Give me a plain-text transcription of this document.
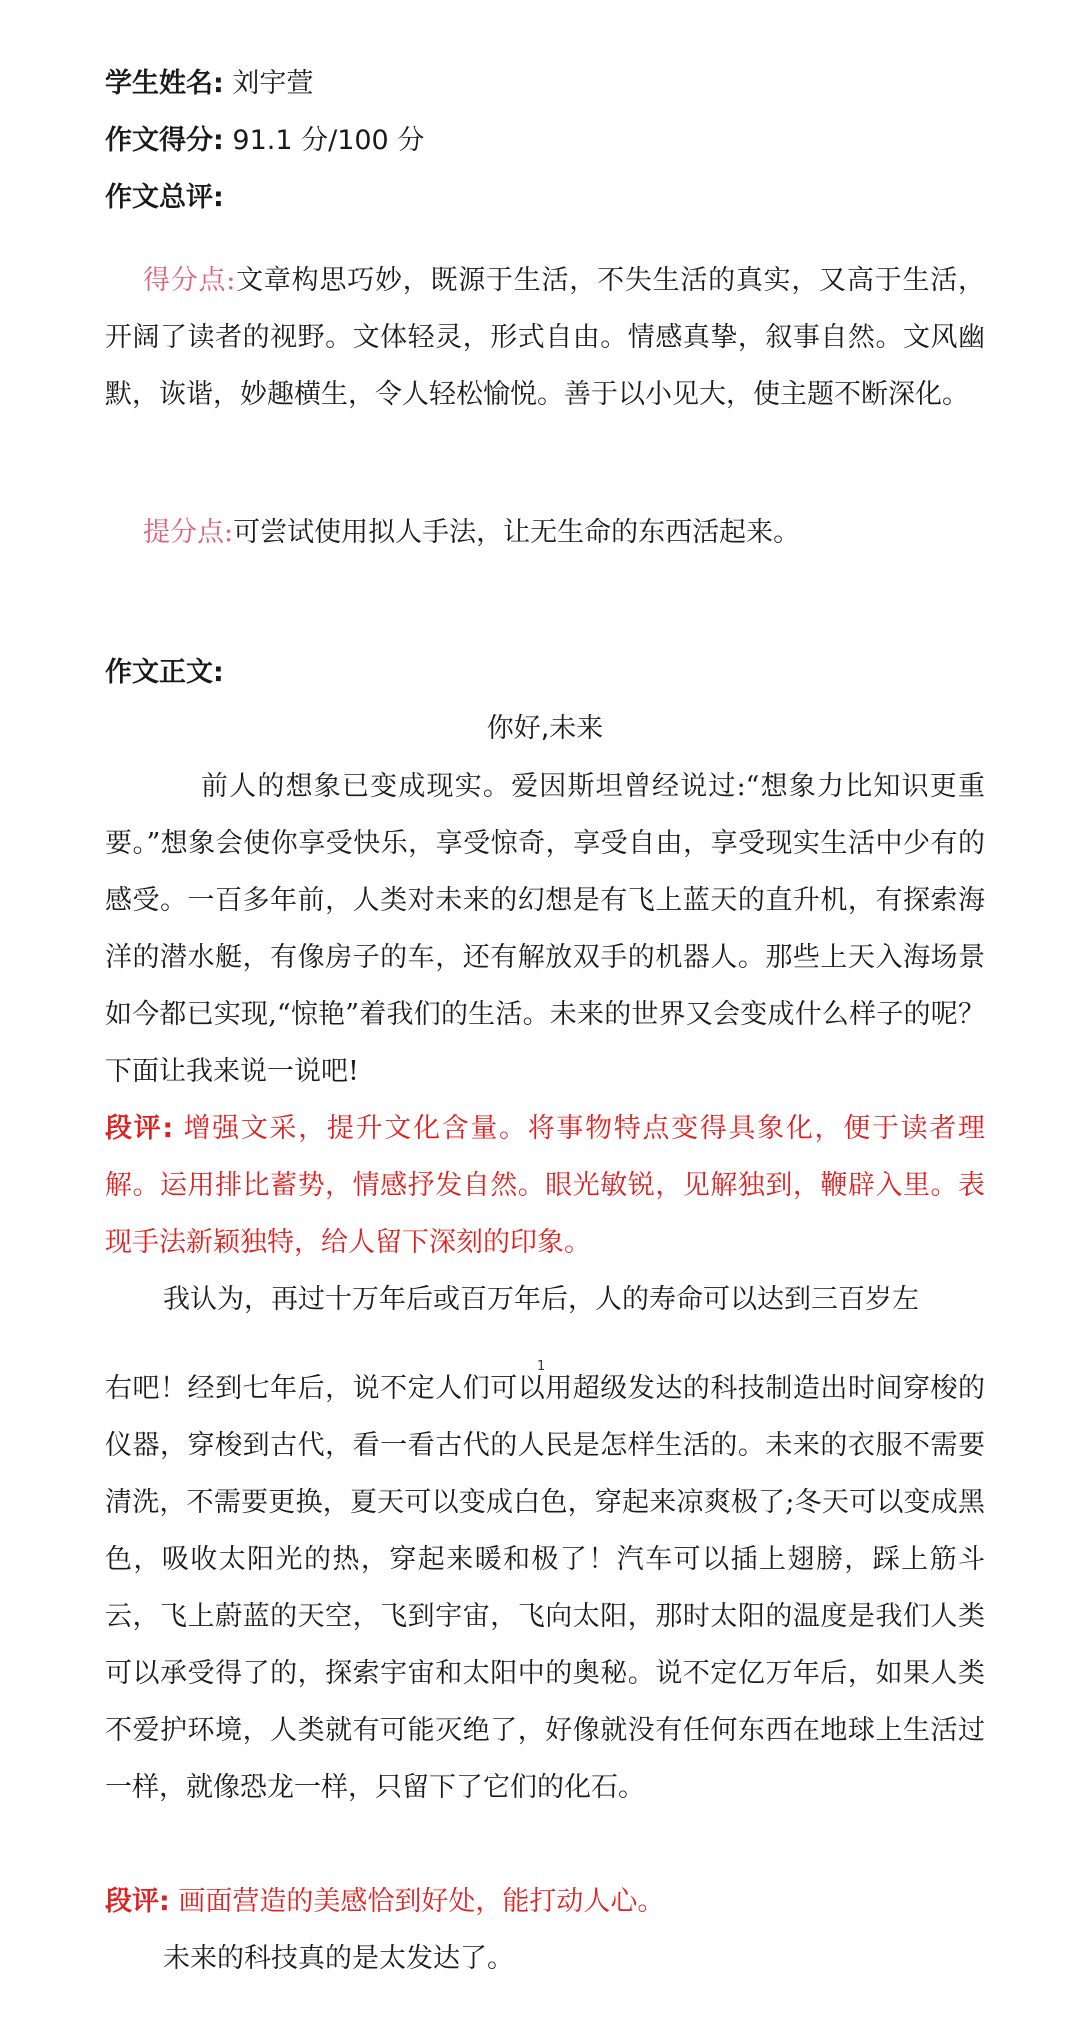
学生姓名: 刘宇萱
作文得分: 91.1 分/100 分
作文总评:
得分点:文章构思巧妙，既源于生活，不失生活的真实，又高于生活，开阔了读者的视野。文体轻灵，形式自由。情感真挚，叙事自然。文风幽默，诙谐，妙趣横生，令人轻松愉悦。善于以小见大，使主题不断深化。
提分点:可尝试使用拟人手法，让无生命的东西活起来。
作文正文:
你好,未来
前人的想象已变成现实。爱因斯坦曾经说过:“想象力比知识更重要。”想象会使你享受快乐，享受惊奇，享受自由，享受现实生活中少有的感受。一百多年前，人类对未来的幻想是有飞上蓝天的直升机，有探索海洋的潜水艇，有像房子的车，还有解放双手的机器人。那些上天入海场景如今都已实现,“惊艳”着我们的生活。未来的世界又会变成什么样子的呢？下面让我来说一说吧!
段评: 增强文采，提升文化含量。将事物特点变得具象化，便于读者理解。运用排比蓄势，情感抒发自然。眼光敏锐，见解独到，鞭辟入里。表现手法新颖独特，给人留下深刻的印象。
我认为，再过十万年后或百万年后，人的寿命可以达到三百岁左
1
右吧！经到七年后，说不定人们可以用超级发达的科技制造出时间穿梭的仪器，穿梭到古代，看一看古代的人民是怎样生活的。未来的衣服不需要清洗，不需要更换，夏天可以变成白色，穿起来凉爽极了;冬天可以变成黑色，吸收太阳光的热，穿起来暖和极了！汽车可以插上翅膀，踩上筋斗云，飞上蔚蓝的天空，飞到宇宙，飞向太阳，那时太阳的温度是我们人类可以承受得了的，探索宇宙和太阳中的奥秘。说不定亿万年后，如果人类不爱护环境，人类就有可能灭绝了，好像就没有任何东西在地球上生活过一样，就像恐龙一样，只留下了它们的化石。
段评: 画面营造的美感恰到好处，能打动人心。
未来的科技真的是太发达了。
